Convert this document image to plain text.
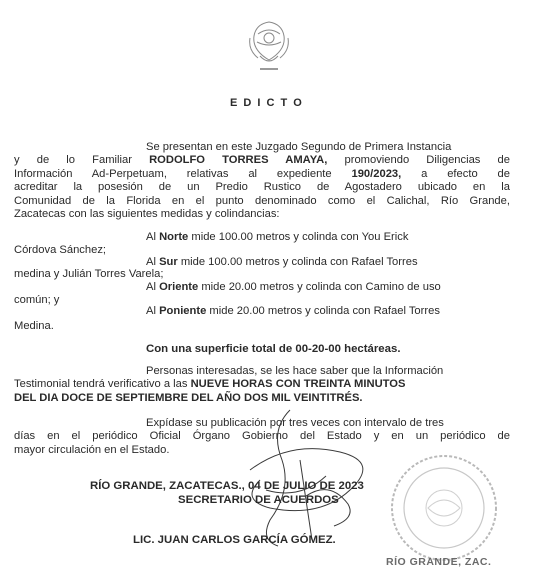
E D I C T O
Se presentan en este Juzgado Segundo de Primera Instancia
y de lo Familiar RODOLFO TORRES AMAYA, promoviendo Diligencias de
Información Ad-Perpetuam, relativas al expediente 190/2023, a efecto de
acreditar la posesión de un Predio Rustico de Agostadero ubicado en la
Comunidad de la Florida en el punto denominado como el Calichal, Río Grande,
Zacatecas con las siguientes medidas y colindancias:
Al Norte mide 100.00 metros y colinda con You Erick
Córdova Sánchez;
Al Sur mide 100.00 metros y colinda con Rafael Torres
medina y Julián Torres Varela;
Al Oriente mide 20.00 metros y colinda con Camino de uso
común; y
Al Poniente mide 20.00 metros y colinda con Rafael Torres
Medina.
Con una superficie total de 00-20-00 hectáreas.
Personas interesadas, se les hace saber que la Información
Testimonial tendrá verificativo a las NUEVE HORAS CON TREINTA MINUTOS
DEL DIA DOCE DE SEPTIEMBRE DEL AÑO DOS MIL VEINTITRÉS.
Expídase su publicación por tres veces con intervalo de tres
días en el periódico Oficial Órgano Gobierno del Estado y en un periódico de
mayor circulación en el Estado.
RÍO GRANDE, ZACATECAS., 04 DE JULIO DE 2023
SECRETARIO DE ACUERDOS
LIC. JUAN CARLOS GARCÍA GÓMEZ.
RÍO GRANDE, ZAC.
